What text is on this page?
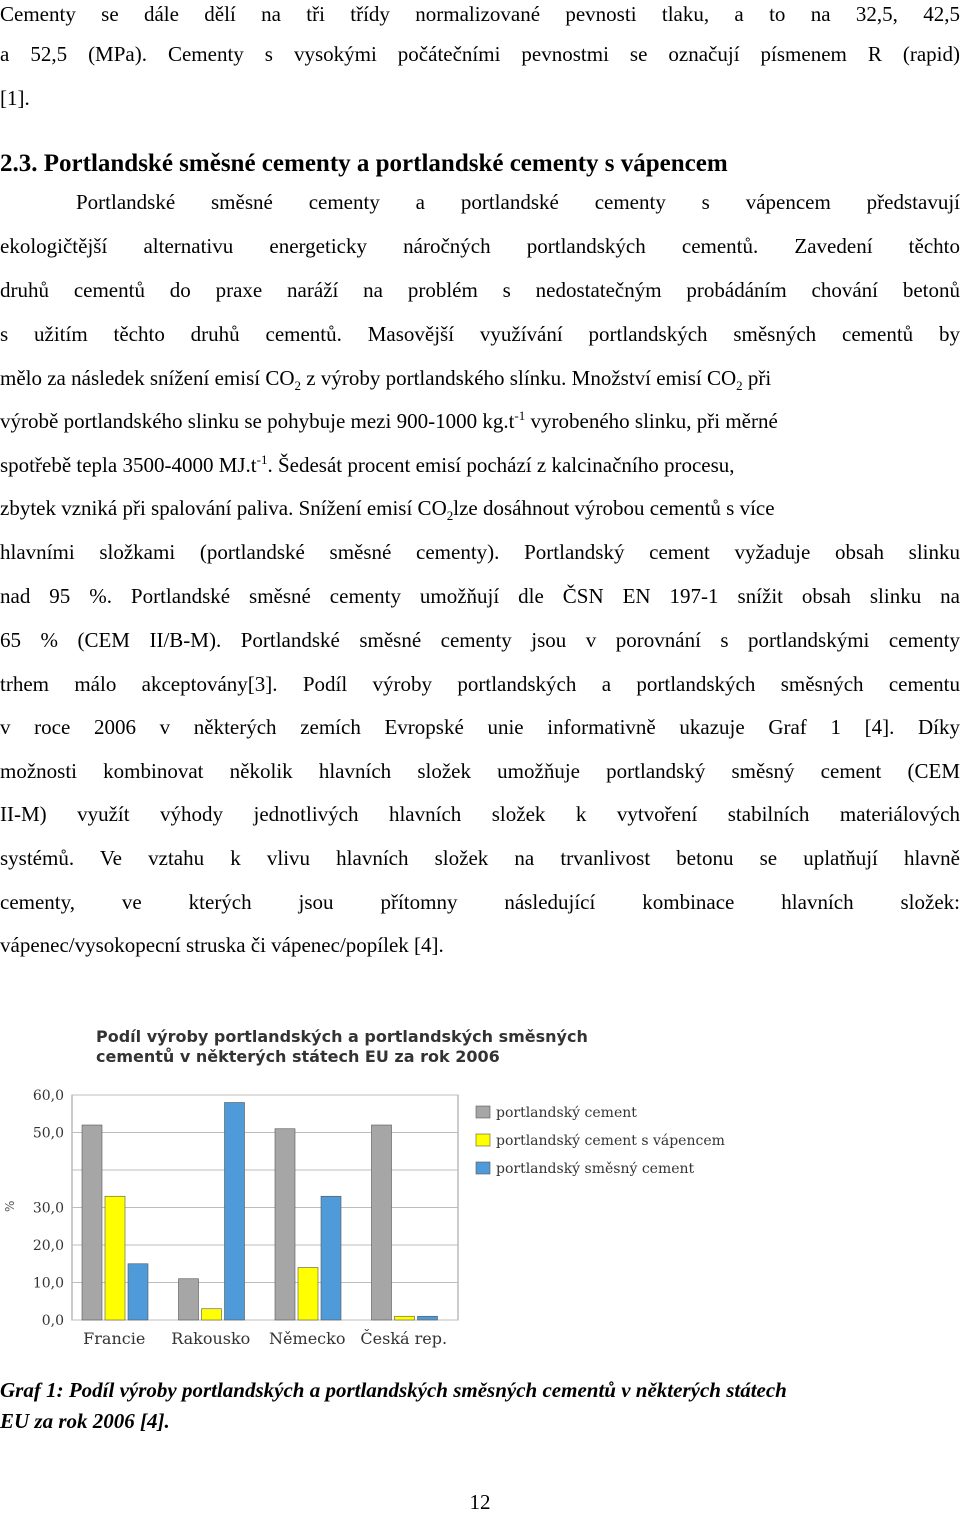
Cementy se dále dělí na tři třídy normalizované pevnosti tlaku, a to na 32,5, 42,5
a 52,5 (MPa). Cementy s vysokými počátečními pevnostmi se označují písmenem R (rapid)
[1].
2.3. Portlandské směsné cementy a portlandské cementy s vápencem
Portlandské směsné cementy a portlandské cementy s vápencem představují
ekologičtější alternativu energeticky náročných portlandských cementů. Zavedení těchto
druhů cementů do praxe naráží na problém s nedostatečným probádáním chování betonů
s užitím těchto druhů cementů. Masovější využívání portlandských směsných cementů by
mělo za následek snížení emisí $CO_2$ z výroby portlandského slínku. Množství emisí $CO_2$ při
výrobě portlandského slinku se pohybuje mezi 900-1000 $kg.t^{-1}$ vyrobeného slinku, při měrné
spotřebě tepla 3500-4000 $MJ.t^{-1}$. Šedesát procent emisí pochází z kalcinačního procesu,
zbytek vzniká při spalování paliva. Snížení emisí $CO_2lze$ dosáhnout výrobou cementů s více
hlavními složkami (portlandské směsné cementy). Portlandský cement vyžaduje obsah slinku
nad 95 %. Portlandské směsné cementy umožňují dle ČSN EN 197-1 snížit obsah slinku na
65 % (CEM II/B-M). Portlandské směsné cementy jsou v porovnání s portlandskými cementy
trhem málo akceptovány[3]. Podíl výroby portlandských a portlandských směsných cementu
v roce 2006 v některých zemích Evropské unie informativně ukazuje Graf 1 [4]. Díky
možnosti kombinovat několik hlavních složek umožňuje portlandský směsný cement (CEM
II-M) využít výhody jednotlivých hlavních složek k vytvoření stabilních materiálových
systémů. Ve vztahu k vlivu hlavních složek na trvanlivost betonu se uplatňují hlavně
cementy, ve kterých jsou přítomny následující kombinace hlavních složek:
vápenec/vysokopecní struska či vápenec/popílek [4].
Podíl výroby portlandských a portlandských směsných
cementů v některých státech EU za rok 2006
0,0
10,0
20,0
30,0
50,0
60,0
Francie Rakousko Německo Česká rep.
portlandský cement
portlandský cement s vápencem
portlandský směsný cement
%
Graf 1: Podíl výroby portlandských a portlandských směsných cementů v některých státech
EU za rok 2006 [4].
12
